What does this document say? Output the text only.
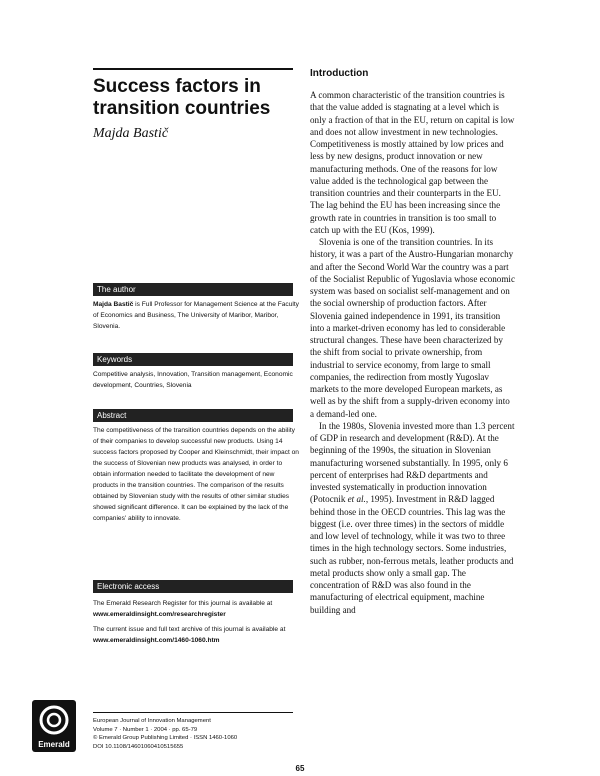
Success factors in transition countries
Majda Bastič
The author

Majda Bastič is Full Professor for Management Science at the Faculty of Economics and Business, The University of Maribor, Maribor, Slovenia.

Keywords

Competitive analysis, Innovation, Transition management, Economic development, Countries, Slovenia

Abstract

The competitiveness of the transition countries depends on the ability of their companies to develop successful new products. Using 14 success factors proposed by Cooper and Kleinschmidt, their impact on the success of Slovenian new products was analysed, in order to obtain information needed to facilitate the development of new products in the transition countries. The comparison of the results obtained by Slovenian study with the results of other similar studies showed significant difference. It can be explained by the lack of the companies' ability to innovate.

Electronic access

The Emerald Research Register for this journal is available at
www.emeraldinsight.com/researchregister

The current issue and full text archive of this journal is available at
www.emeraldinsight.com/1460-1060.htm

Emerald
European Journal of Innovation Management
Volume 7 · Number 1 · 2004 · pp. 65-79
© Emerald Group Publishing Limited · ISSN 1460-1060
DOI 10.1108/14601060410515655
Introduction

A common characteristic of the transition countries is that the value added is stagnating at a level which is only a fraction of that in the EU, return on capital is low and does not allow investment in new technologies. Competitiveness is mostly attained by low prices and less by new designs, product innovation or new manufacturing methods. One of the reasons for low value added is the technological gap between the transition countries and their counterparts in the EU. The lag behind the EU has been increasing since the growth rate in countries in transition is too small to catch up with the EU (Kos, 1999).

Slovenia is one of the transition countries. In its history, it was a part of the Austro-Hungarian monarchy and after the Second World War the country was a part of the Socialist Republic of Yugoslavia whose economic system was based on socialist self-management and on the social ownership of production factors. After Slovenia gained independence in 1991, its transition into a market-driven economy has led to considerable structural changes. These have been characterized by the shift from social to private ownership, from industrial to service economy, from large to small companies, the redirection from mostly Yugoslav markets to the more developed European markets, as well as by the shift from a supply-driven economy into a demand-led one.

In the 1980s, Slovenia invested more than 1.3 percent of GDP in research and development (R&D). At the beginning of the 1990s, the situation in Slovenian manufacturing worsened substantially. In 1995, only 6 percent of enterprises had R&D departments and invested systematically in production innovation (Potocnik et al., 1995). Investment in R&D lagged behind those in the OECD countries. This lag was the biggest (i.e. over three times) in the sectors of middle and low level of technology, while it was two to three times in the high technology sectors. Some industries, such as rubber, non-ferrous metals, leather products and metal products show only a small gap. The concentration of R&D was also found in the manufacturing of electrical equipment, machine building and

65
